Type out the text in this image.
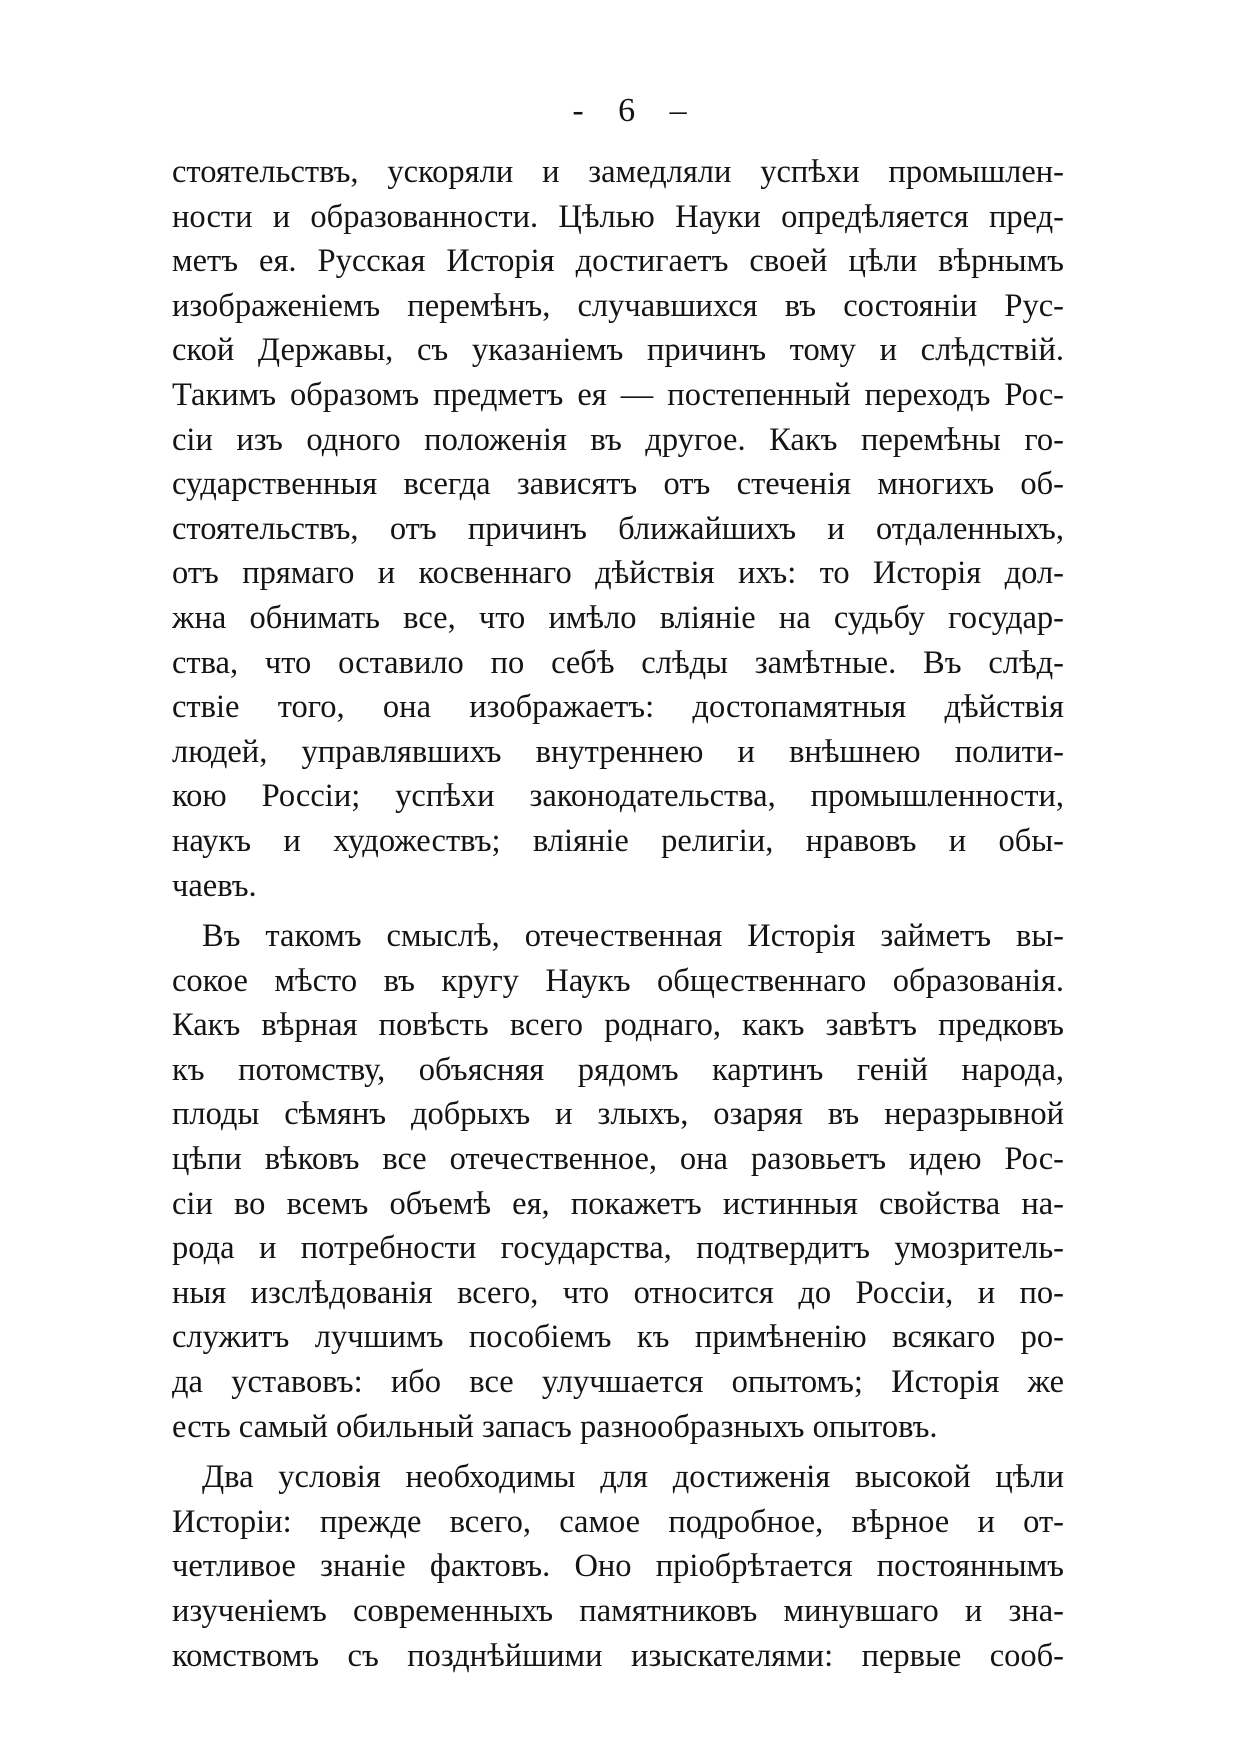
- 6 –
стоятельствъ, ускоряли и замедляли успѣхи промышлен-
ности и образованности. Цѣлью Науки опредѣляется пред-
метъ ея. Русская Исторія достигаетъ своей цѣли вѣрнымъ
изображеніемъ перемѣнъ, случавшихся въ состояніи Рус-
ской Державы, съ указаніемъ причинъ тому и слѣдствій.
Такимъ образомъ предметъ ея — постепенный переходъ Рос-
сіи изъ одного положенія въ другое. Какъ перемѣны го-
сударственныя всегда зависятъ отъ стеченія многихъ об-
стоятельствъ, отъ причинъ ближайшихъ и отдаленныхъ,
отъ прямаго и косвеннаго дѣйствія ихъ: то Исторія дол-
жна обнимать все, что имѣло вліяніе на судьбу государ-
ства, что оставило по себѣ слѣды замѣтные. Въ слѣд-
ствіе того, она изображаетъ: достопамятныя дѣйствія
людей, управлявшихъ внутреннею и внѣшнею полити-
кою Россіи; успѣхи законодательства, промышленности,
наукъ и художествъ; вліяніе религіи, нравовъ и обы-
чаевъ.
Въ такомъ смыслѣ, отечественная Исторія займетъ вы-
сокое мѣсто въ кругу Наукъ общественнаго образованія.
Какъ вѣрная повѣсть всего роднаго, какъ завѣтъ предковъ
къ потомству, объясняя рядомъ картинъ геній народа,
плоды сѣмянъ добрыхъ и злыхъ, озаряя въ неразрывной
цѣпи вѣковъ все отечественное, она разовьетъ идею Рос-
сіи во всемъ объемѣ ея, покажетъ истинныя свойства на-
рода и потребности государства, подтвердитъ умозритель-
ныя изслѣдованія всего, что относится до Россіи, и по-
служитъ лучшимъ пособіемъ къ примѣненію всякаго ро-
да уставовъ: ибо все улучшается опытомъ; Исторія же
есть самый обильный запасъ разнообразныхъ опытовъ.
Два условія необходимы для достиженія высокой цѣли
Исторіи: прежде всего, самое подробное, вѣрное и от-
четливое знаніе фактовъ. Оно пріобрѣтается постояннымъ
изученіемъ современныхъ памятниковъ минувшаго и зна-
комствомъ съ позднѣйшими изыскателями: первые сооб-
